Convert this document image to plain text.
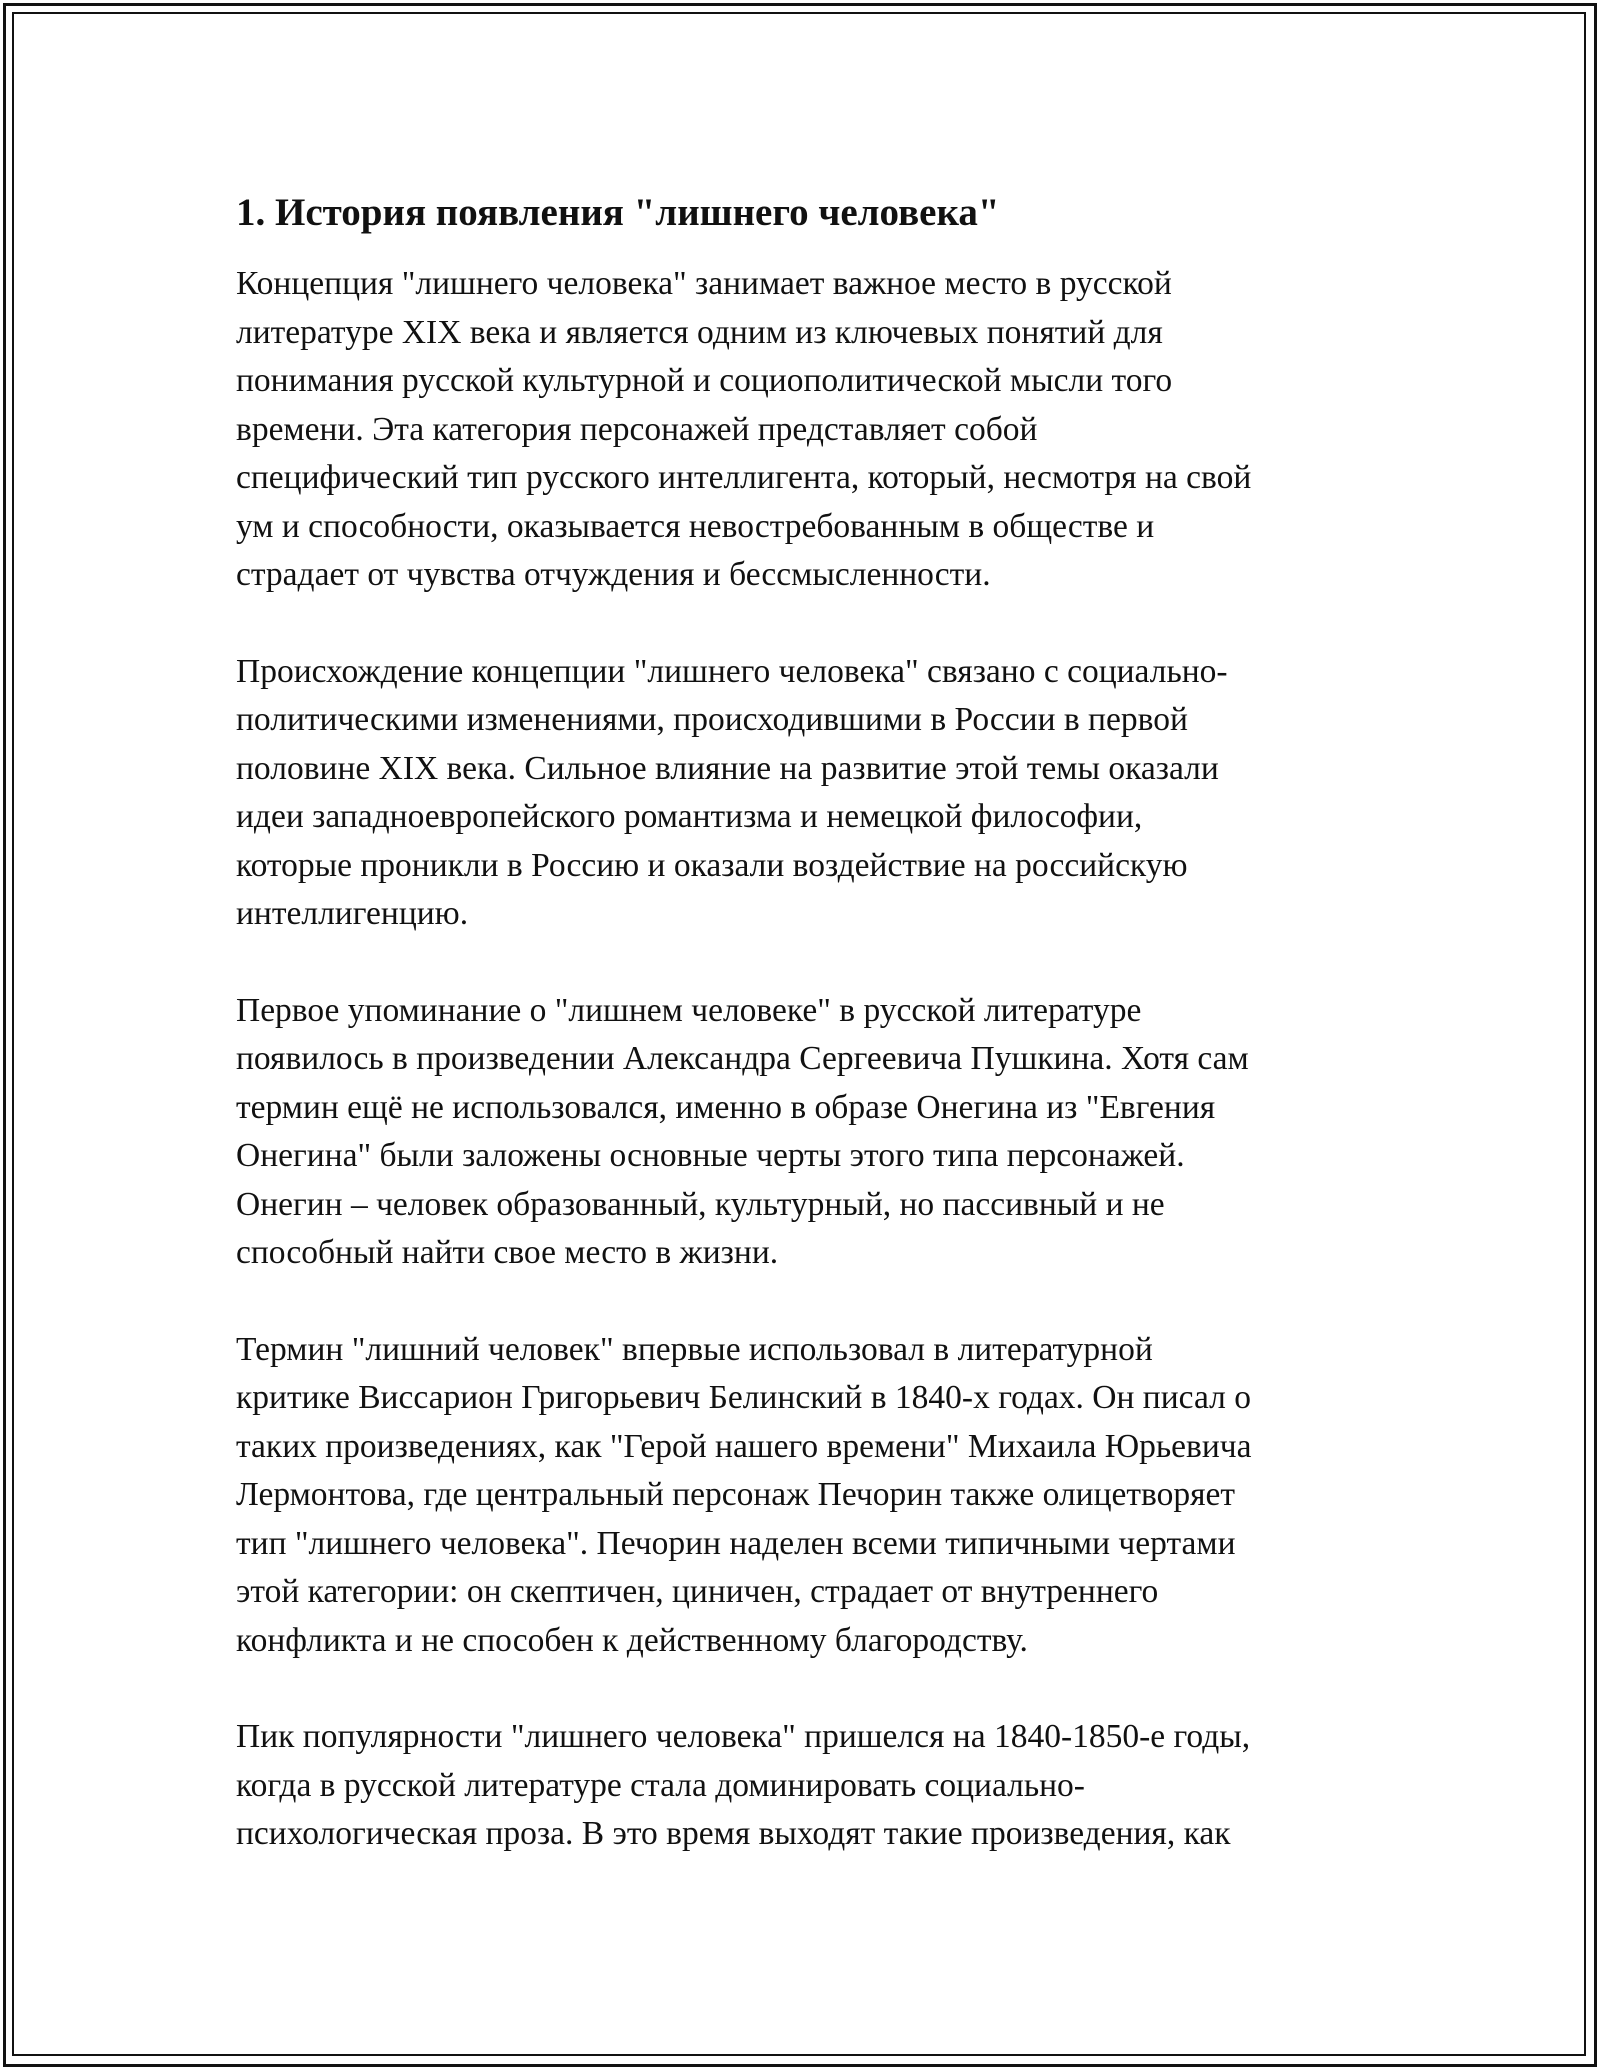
1. История появления "лишнего человека"
Концепция "лишнего человека" занимает важное место в русской
литературе XIX века и является одним из ключевых понятий для
понимания русской культурной и социополитической мысли того
времени. Эта категория персонажей представляет собой
специфический тип русского интеллигента, который, несмотря на свой
ум и способности, оказывается невостребованным в обществе и
страдает от чувства отчуждения и бессмысленности.
Происхождение концепции "лишнего человека" связано с социально-
политическими изменениями, происходившими в России в первой
половине XIX века. Сильное влияние на развитие этой темы оказали
идеи западноевропейского романтизма и немецкой философии,
которые проникли в Россию и оказали воздействие на российскую
интеллигенцию.
Первое упоминание о "лишнем человеке" в русской литературе
появилось в произведении Александра Сергеевича Пушкина. Хотя сам
термин ещё не использовался, именно в образе Онегина из "Евгения
Онегина" были заложены основные черты этого типа персонажей.
Онегин – человек образованный, культурный, но пассивный и не
способный найти свое место в жизни.
Термин "лишний человек" впервые использовал в литературной
критике Виссарион Григорьевич Белинский в 1840-х годах. Он писал о
таких произведениях, как "Герой нашего времени" Михаила Юрьевича
Лермонтова, где центральный персонаж Печорин также олицетворяет
тип "лишнего человека". Печорин наделен всеми типичными чертами
этой категории: он скептичен, циничен, страдает от внутреннего
конфликта и не способен к действенному благородству.
Пик популярности "лишнего человека" пришелся на 1840-1850-е годы,
когда в русской литературе стала доминировать социально-
психологическая проза. В это время выходят такие произведения, как
